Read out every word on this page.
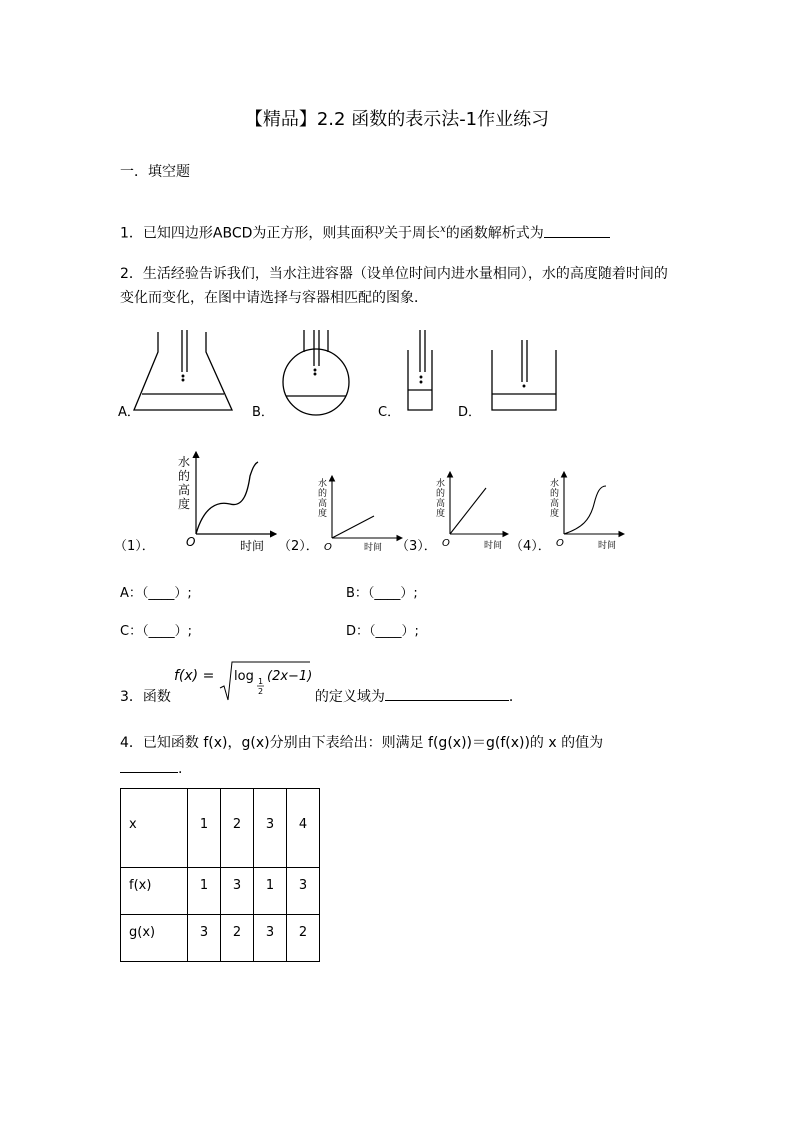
【精品】2.2 函数的表示法-1作业练习
一．填空题
1．已知四边形ABCD为正方形，则其面积$^y$关于周长$^x$的函数解析式为
2．生活经验告诉我们，当水注进容器（设单位时间内进水量相同），水的高度随着时间的变化而变化，在图中请选择与容器相匹配的图象．
A．	B．	C．	D．
水
的
高
度
O	时间
（1）．
水
的
高
度
O	时间
（2）．
水
的
高
度
O	时间
（3）．
水
的
高
度
O	时间
（4）．
A：（____）;	B：（____）;
C：（____）;	D：（____）;
f(x) = log 1
2
(2x−1)
3．函数	的定义域为	．
4．已知函数 f(x)，g(x)分别由下表给出：则满足 f(g(x))＝g(f(x))的 x 的值为
.
x	1	2	3	4

f(x)	1	3	1	3

g(x)	3	2	3	2
